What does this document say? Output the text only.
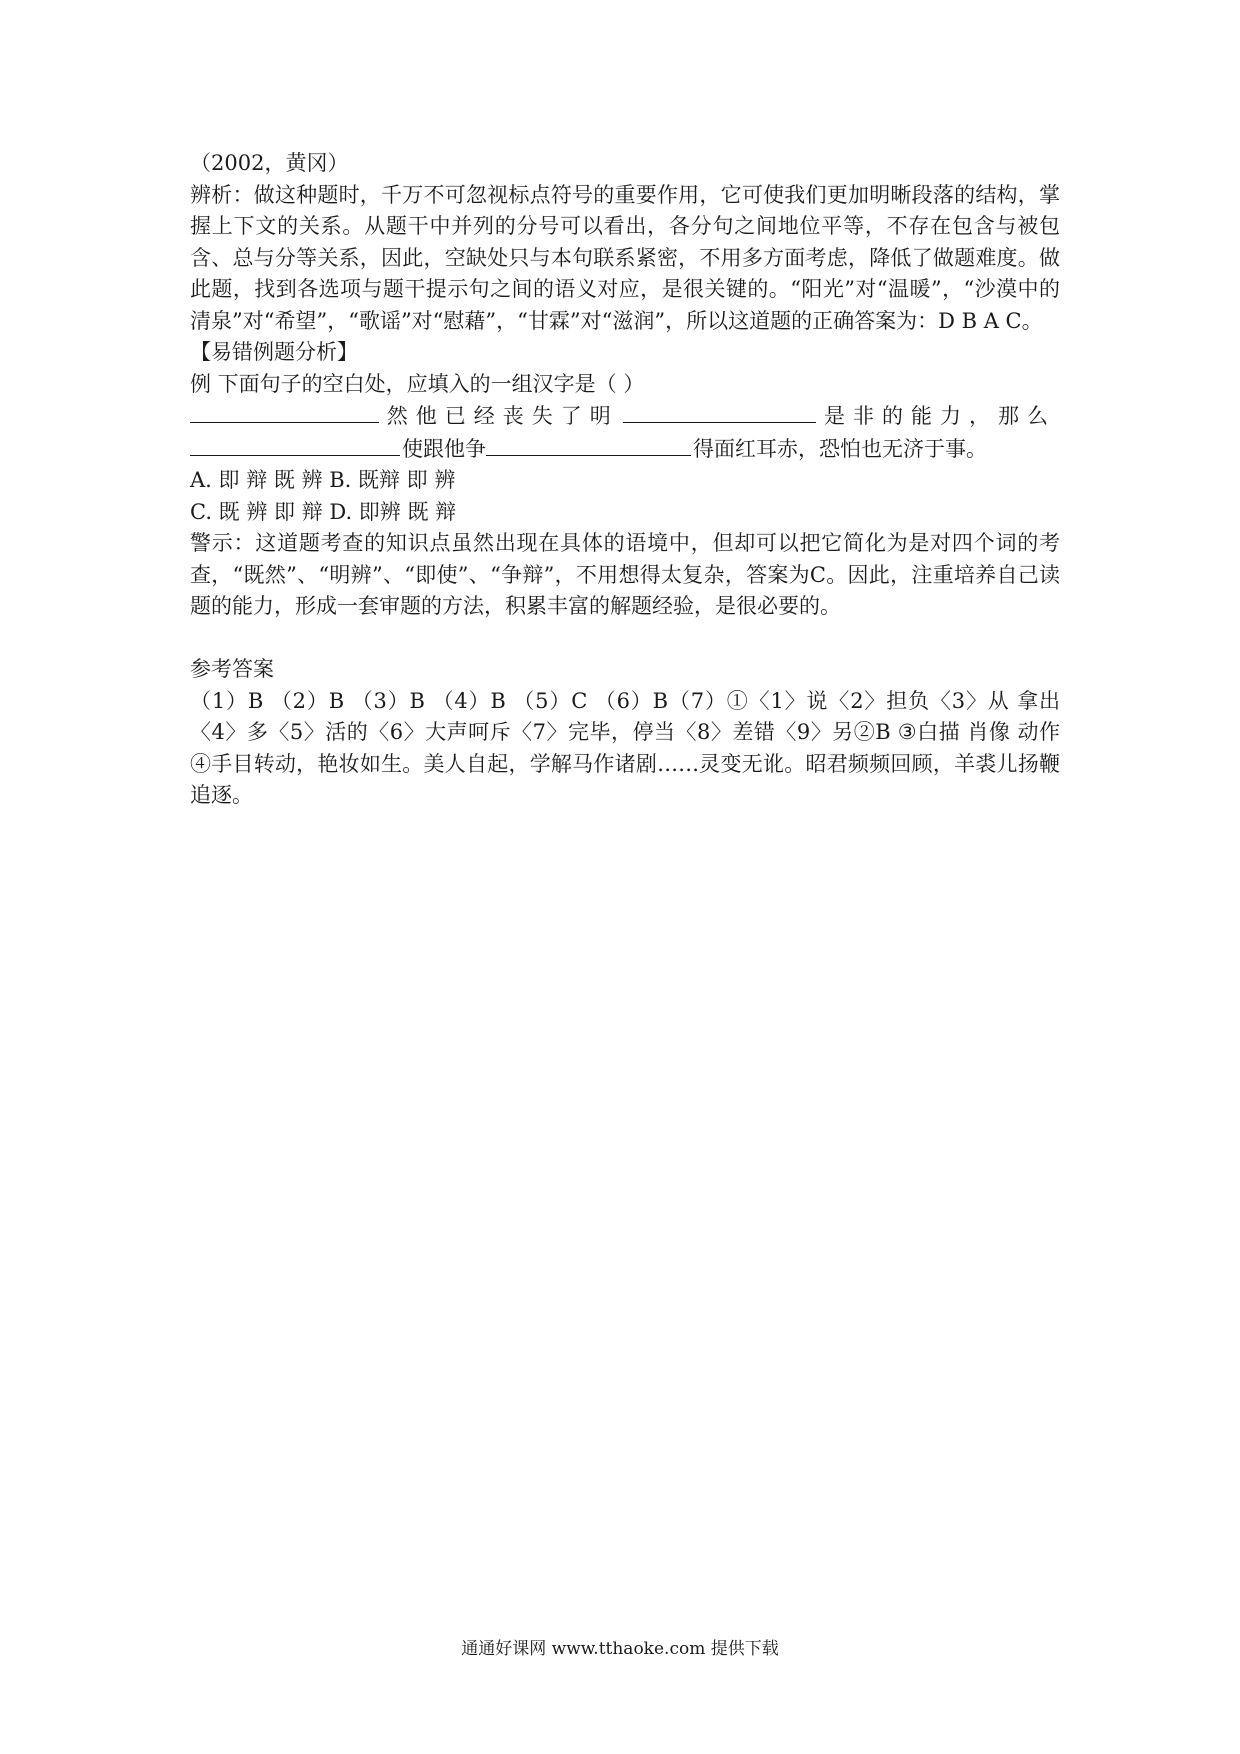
（2002，黄冈）

辨析：做这种题时，千万不可忽视标点符号的重要作用，它可使我们更加明晰段落的结构，掌握上下文的关系。从题干中并列的分号可以看出，各分句之间地位平等，不存在包含与被包含、总与分等关系，因此，空缺处只与本句联系紧密，不用多方面考虑，降低了做题难度。做此题，找到各选项与题干提示句之间的语义对应，是很关键的。“阳光”对“温暖”，“沙漠中的清泉”对“希望”，“歌谣”对“慰藉”，“甘霖”对“滋润”，所以这道题的正确答案为：D B A C。

【易错例题分析】

例 下面句子的空白处，应填入的一组汉字是（ ）

然他已经丧失了明	是非的能力，那么
使跟他争	得面红耳赤，恐怕也无济于事。

A. 即 辩 既 辨 B. 既辩 即 辨

C. 既 辨 即 辩 D. 即辨 既 辩

警示：这道题考查的知识点虽然出现在具体的语境中，但却可以把它简化为是对四个词的考查，“既然”、“明辨”、“即使”、“争辩”，不用想得太复杂，答案为C。因此，注重培养自己读题的能力，形成一套审题的方法，积累丰富的解题经验，是很必要的。

参考答案

（1）B （2）B （3）B （4）B （5）C （6）B（7）①〈1〉说〈2〉担负〈3〉从 拿出〈4〉多〈5〉活的〈6〉大声呵斥〈7〉完毕，停当〈8〉差错〈9〉另②B ③白描 肖像 动作 ④手目转动，艳妆如生。美人自起，学解马作诸剧……灵变无讹。昭君频频回顾，羊裘儿扬鞭追逐。

通通好课网 www.tthaoke.com 提供下载
